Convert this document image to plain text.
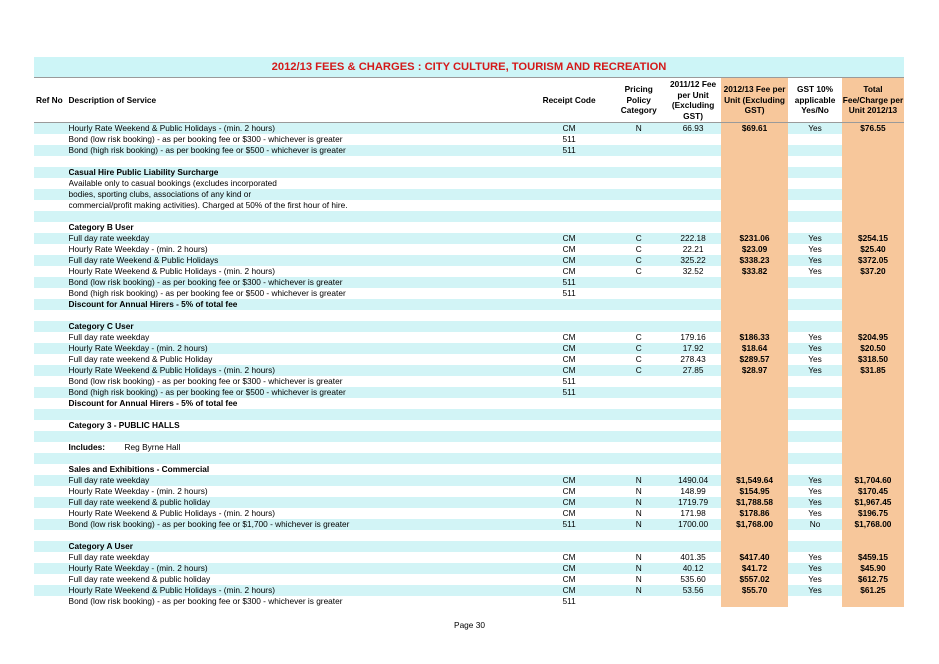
2012/13 FEES & CHARGES : CITY CULTURE, TOURISM AND RECREATION
Ref No	Description of Service	Receipt Code	Pricing Policy Category	2011/12 Fee per Unit (Excluding GST)	2012/13 Fee per Unit (Excluding GST)	GST 10% applicable Yes/No	Total Fee/Charge per Unit 2012/13
	Hourly Rate Weekend & Public Holidays - (min. 2 hours)	CM	N	66.93	$69.61	Yes	$76.55
	Bond (low risk booking) - as per booking fee or $300 - whichever is greater	511					
	Bond (high risk booking) - as per booking fee or $500 - whichever is greater	511					

	Casual Hire Public Liability Surcharge						
	Available only to casual bookings (excludes incorporated						
	bodies, sporting clubs, associations of any kind or						
	commercial/profit making activities). Charged at 50% of the first hour of hire.						

	Category B User						
	Full day rate weekday	CM	C	222.18	$231.06	Yes	$254.15
	Hourly Rate Weekday - (min. 2 hours)	CM	C	22.21	$23.09	Yes	$25.40
	Full day rate Weekend & Public Holidays	CM	C	325.22	$338.23	Yes	$372.05
	Hourly Rate Weekend & Public Holidays - (min. 2 hours)	CM	C	32.52	$33.82	Yes	$37.20
	Bond (low risk booking) - as per booking fee or $300 - whichever is greater	511					
	Bond (high risk booking) - as per booking fee or $500 - whichever is greater	511					
	Discount for Annual Hirers - 5% of total fee						

	Category C User						
	Full day rate weekday	CM	C	179.16	$186.33	Yes	$204.95
	Hourly Rate Weekday - (min. 2 hours)	CM	C	17.92	$18.64	Yes	$20.50
	Full day rate weekend & Public Holiday	CM	C	278.43	$289.57	Yes	$318.50
	Hourly Rate Weekend & Public Holidays - (min. 2 hours)	CM	C	27.85	$28.97	Yes	$31.85
	Bond (low risk booking) - as per booking fee or $300 - whichever is greater	511					
	Bond (high risk booking) - as per booking fee or $500 - whichever is greater	511					
	Discount for Annual Hirers - 5% of total fee						

	Category 3 - PUBLIC HALLS						

	Includes: Reg Byrne Hall						

	Sales and Exhibitions - Commercial						
	Full day rate weekday	CM	N	1490.04	$1,549.64	Yes	$1,704.60
	Hourly Rate Weekday - (min. 2 hours)	CM	N	148.99	$154.95	Yes	$170.45
	Full day rate weekend & public holiday	CM	N	1719.79	$1,788.58	Yes	$1,967.45
	Hourly Rate Weekend & Public Holidays - (min. 2 hours)	CM	N	171.98	$178.86	Yes	$196.75
	Bond (low risk booking) - as per booking fee or $1,700 - whichever is greater	511	N	1700.00	$1,768.00	No	$1,768.00

	Category A User						
	Full day rate weekday	CM	N	401.35	$417.40	Yes	$459.15
	Hourly Rate Weekday - (min. 2 hours)	CM	N	40.12	$41.72	Yes	$45.90
	Full day rate weekend & public holiday	CM	N	535.60	$557.02	Yes	$612.75
	Hourly Rate Weekend & Public Holidays - (min. 2 hours)	CM	N	53.56	$55.70	Yes	$61.25
	Bond (low risk booking) - as per booking fee or $300 - whichever is greater	511					
Page 30
